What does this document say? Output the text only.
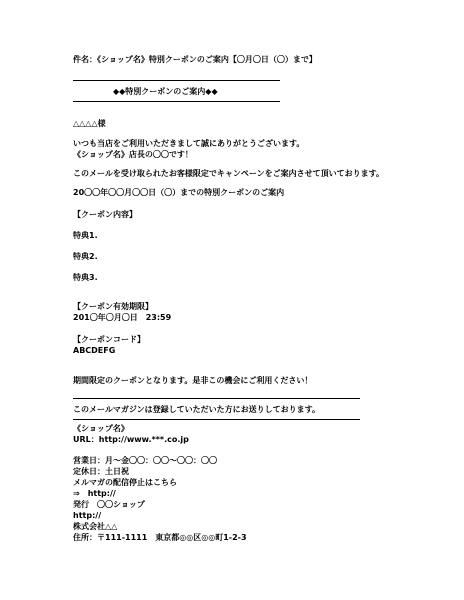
件名：《ショップ名》特別クーポンのご案内【〇月〇日（〇）まで】
◆◆特別クーポンのご案内◆◆
△△△△様
いつも当店をご利用いただきまして誠にありがとうございます。
《ショップ名》店長の〇〇です！
このメールを受け取られたお客様限定でキャンペーンをご案内させて頂いております。
20〇〇年〇〇月〇〇日（〇）までの特別クーポンのご案内
【クーポン内容】
特典1.
特典2.
特典3.
【クーポン有効期限】
201〇年〇月〇日　23:59
【クーポンコード】
ABCDEFG
期間限定のクーポンとなります。是非この機会にご利用ください！
このメールマガジンは登録していただいた方にお送りしております。
《ショップ名》
URL：http://www.***.co.jp
営業日：月～金〇〇：〇〇～〇〇：〇〇
定休日：土日祝
メルマガの配信停止はこちら
⇒　http://
発行　〇〇ショップ
http://
株式会社△△
住所：〒111-1111　東京都◎◎区◎◎町1-2-3
